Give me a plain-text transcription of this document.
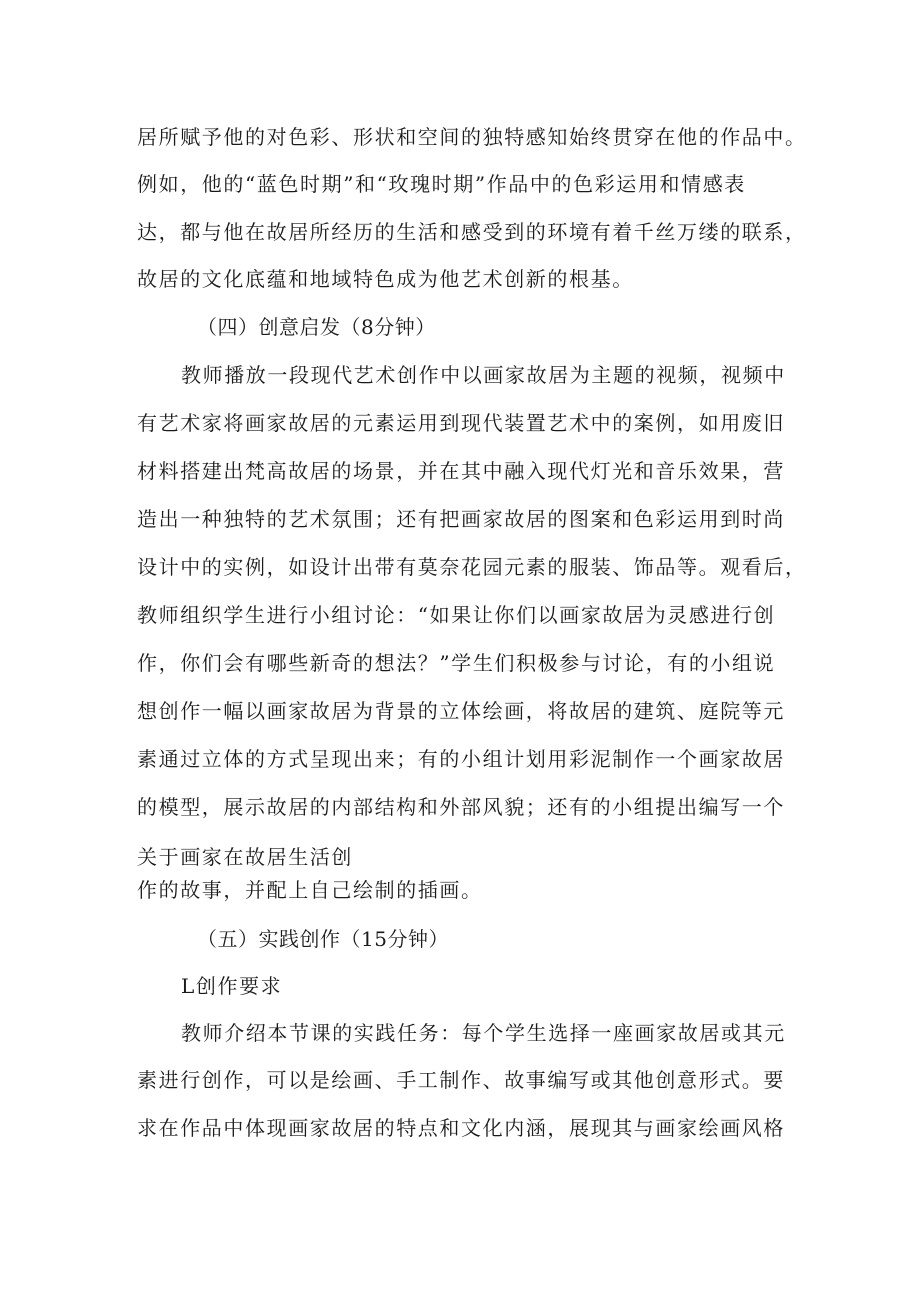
居所赋予他的对色彩、形状和空间的独特感知始终贯穿在他的作品中。
例如，他的“蓝色时期”和“玫瑰时期”作品中的色彩运用和情感表
达，都与他在故居所经历的生活和感受到的环境有着千丝万缕的联系，
故居的文化底蕴和地域特色成为他艺术创新的根基。
（四）创意启发（8分钟）
教师播放一段现代艺术创作中以画家故居为主题的视频，视频中
有艺术家将画家故居的元素运用到现代装置艺术中的案例，如用废旧
材料搭建出梵高故居的场景，并在其中融入现代灯光和音乐效果，营
造出一种独特的艺术氛围；还有把画家故居的图案和色彩运用到时尚
设计中的实例，如设计出带有莫奈花园元素的服装、饰品等。观看后，
教师组织学生进行小组讨论：“如果让你们以画家故居为灵感进行创
作，你们会有哪些新奇的想法？”学生们积极参与讨论，有的小组说
想创作一幅以画家故居为背景的立体绘画，将故居的建筑、庭院等元
素通过立体的方式呈现出来；有的小组计划用彩泥制作一个画家故居
的模型，展示故居的内部结构和外部风貌；还有的小组提出编写一个
关于画家在故居生活创
作的故事，并配上自己绘制的插画。
（五）实践创作（15分钟）
L创作要求
教师介绍本节课的实践任务：每个学生选择一座画家故居或其元
素进行创作，可以是绘画、手工制作、故事编写或其他创意形式。要
求在作品中体现画家故居的特点和文化内涵，展现其与画家绘画风格
